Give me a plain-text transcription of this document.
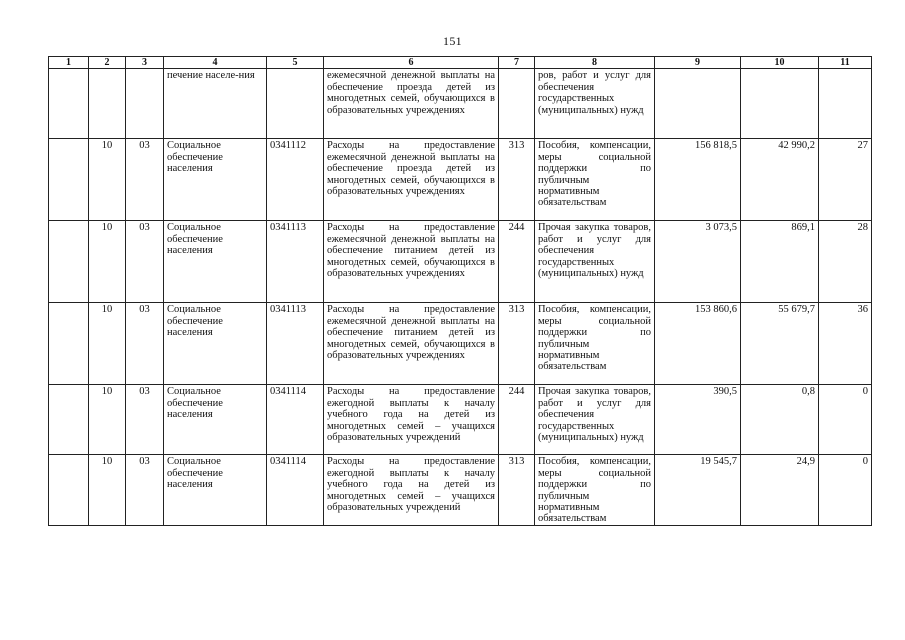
151
1	2	3	4	5	6	7	8	9	10	11
			печение населе-ния		ежемесячной денежной выплаты на обеспечение проезда детей из многодетных семей, обучающихся в образовательных учреждениях		ров, работ и услуг для обеспечения государственных (муниципальных) нужд			
	10	03	Социальное обеспечение населения	0341112	Расходы на предоставление ежемесячной денежной выплаты на обеспечение проезда детей из многодетных семей, обучающихся в образовательных учреждениях	313	Пособия, компенсации, меры социальной поддержки по публичным нормативным обязательствам	156 818,5	42 990,2	27
	10	03	Социальное обеспечение населения	0341113	Расходы на предоставление ежемесячной денежной выплаты на обеспечение питанием детей из многодетных семей, обучающихся в образовательных учреждениях	244	Прочая закупка товаров, работ и услуг для обеспечения государственных (муниципальных) нужд	3 073,5	869,1	28
	10	03	Социальное обеспечение населения	0341113	Расходы на предоставление ежемесячной денежной выплаты на обеспечение питанием детей из многодетных семей, обучающихся в образовательных учреждениях	313	Пособия, компенсации, меры социальной поддержки по публичным нормативным обязательствам	153 860,6	55 679,7	36
	10	03	Социальное обеспечение населения	0341114	Расходы на предоставление ежегодной выплаты к началу учебного года на детей из многодетных семей – учащихся образовательных учреждений	244	Прочая закупка товаров, работ и услуг для обеспечения государственных (муниципальных) нужд	390,5	0,8	0
	10	03	Социальное обеспечение населения	0341114	Расходы на предоставление ежегодной выплаты к началу учебного года на детей из многодетных семей – учащихся образовательных учреждений	313	Пособия, компенсации, меры социальной поддержки по публичным нормативным обязательствам	19 545,7	24,9	0
